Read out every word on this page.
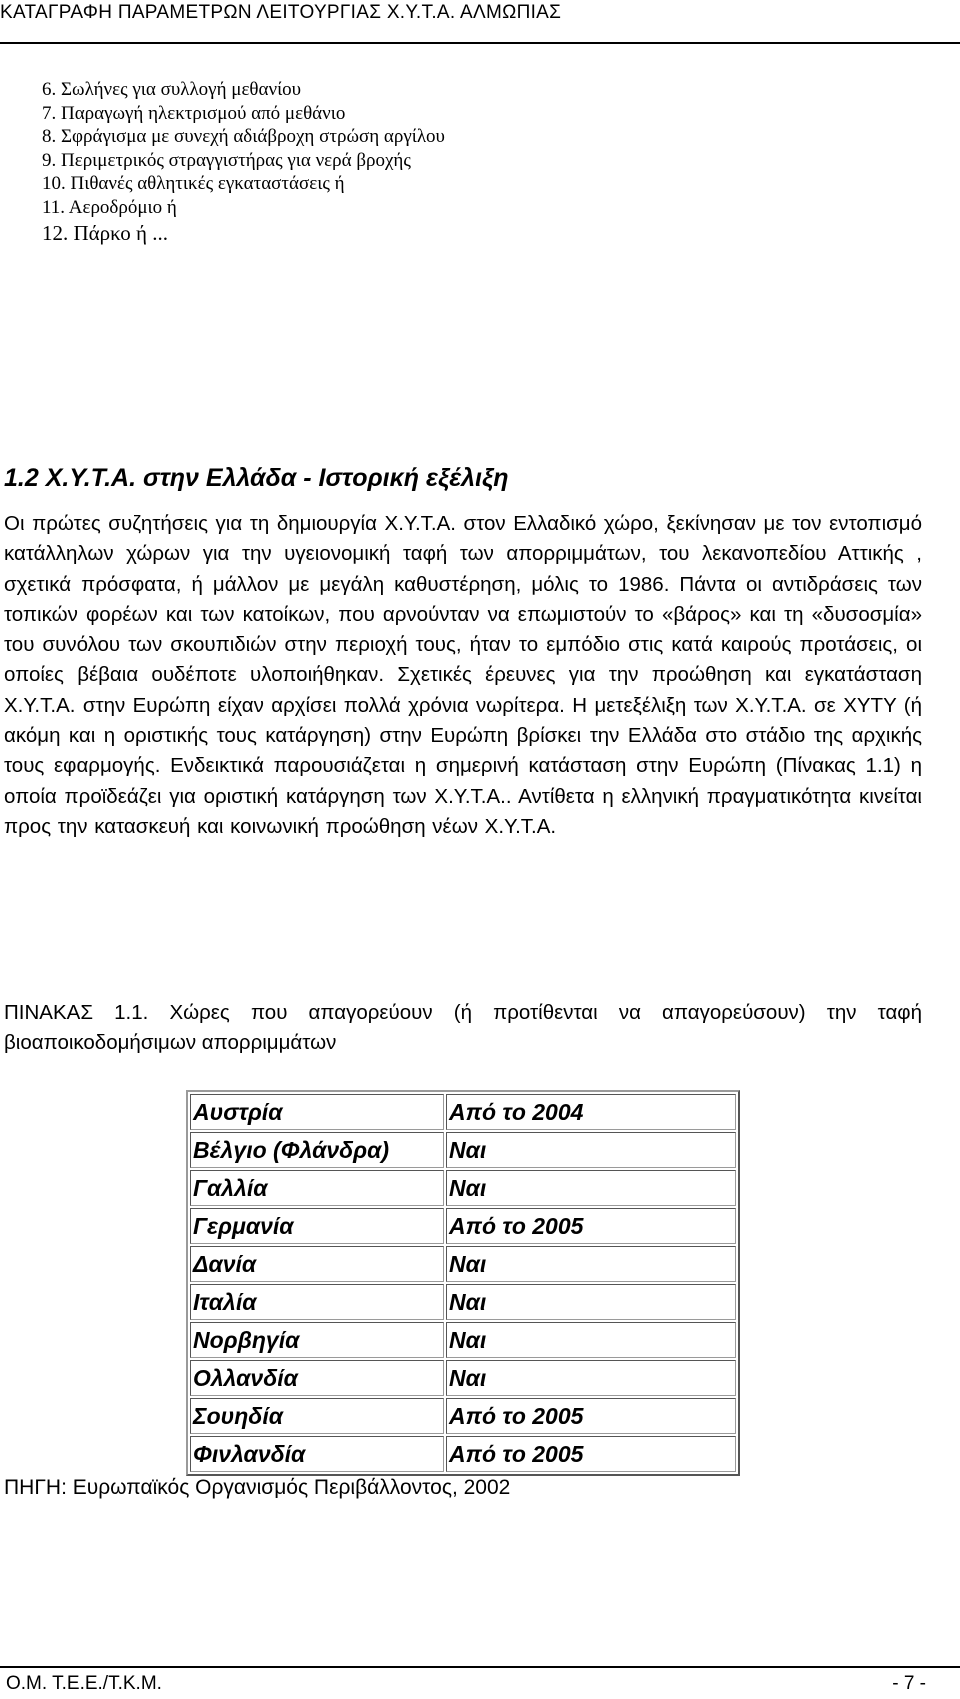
ΚΑΤΑΓΡΑΦΗ ΠΑΡΑΜΕΤΡΩΝ ΛΕΙΤΟΥΡΓΙΑΣ Χ.Υ.Τ.Α. ΑΛΜΩΠΙΑΣ
6. Σωλήνες για συλλογή μεθανίου
7. Παραγωγή ηλεκτρισμού από μεθάνιο
8. Σφράγισμα με συνεχή αδιάβροχη στρώση αργίλου
9. Περιμετρικός στραγγιστήρας για νερά βροχής
10. Πιθανές αθλητικές εγκαταστάσεις ή
11. Αεροδρόμιο ή
12. Πάρκο ή ...
1.2 Χ.Υ.Τ.Α. στην Ελλάδα - Ιστορική εξέλιξη

Οι πρώτες συζητήσεις για τη δημιουργία Χ.Υ.Τ.Α. στον Ελλαδικό χώρο, ξεκίνησαν με τον εντοπισμό κατάλληλων χώρων για την υγειονομική ταφή των απορριμμάτων, του λεκανοπεδίου Αττικής , σχετικά πρόσφατα, ή μάλλον με μεγάλη καθυστέρηση, μόλις το 1986. Πάντα οι αντιδράσεις των τοπικών φορέων και των κατοίκων, που αρνούνταν να επωμιστούν το «βάρος» και τη «δυσοσμία» του συνόλου των σκουπιδιών στην περιοχή τους, ήταν το εμπόδιο στις κατά καιρούς προτάσεις, οι οποίες βέβαια ουδέποτε υλοποιήθηκαν. Σχετικές έρευνες για την προώθηση και εγκατάσταση Χ.Υ.Τ.Α. στην Ευρώπη είχαν αρχίσει πολλά χρόνια νωρίτερα. Η μετεξέλιξη των Χ.Υ.Τ.Α. σε ΧΥΤΥ (ή ακόμη και η οριστικής τους κατάργηση) στην Ευρώπη βρίσκει την Ελλάδα στο στάδιο της αρχικής τους εφαρμογής. Ενδεικτικά παρουσιάζεται η σημερινή κατάσταση στην Ευρώπη (Πίνακας 1.1) η οποία προϊδεάζει για οριστική κατάργηση των Χ.Υ.Τ.Α.. Αντίθετα η ελληνική πραγματικότητα κινείται προς την κατασκευή και κοινωνική προώθηση νέων Χ.Υ.Τ.Α.

ΠΙΝΑΚΑΣ 1.1. Χώρες που απαγορεύουν (ή προτίθενται να απαγορεύσουν) την ταφή βιοαποικοδομήσιμων απορριμμάτων

Αυστρία	Από το 2004
Βέλγιο (Φλάνδρα)	Ναι
Γαλλία	Ναι
Γερμανία	Από το 2005
Δανία	Ναι
Ιταλία	Ναι
Νορβηγία	Ναι
Ολλανδία	Ναι
Σουηδία	Από το 2005
Φινλανδία	Από το 2005
ΠΗΓΗ: Ευρωπαϊκός Οργανισμός Περιβάλλοντος, 2002
Ο.Μ. Τ.Ε.Ε./Τ.Κ.Μ.	- 7 -
